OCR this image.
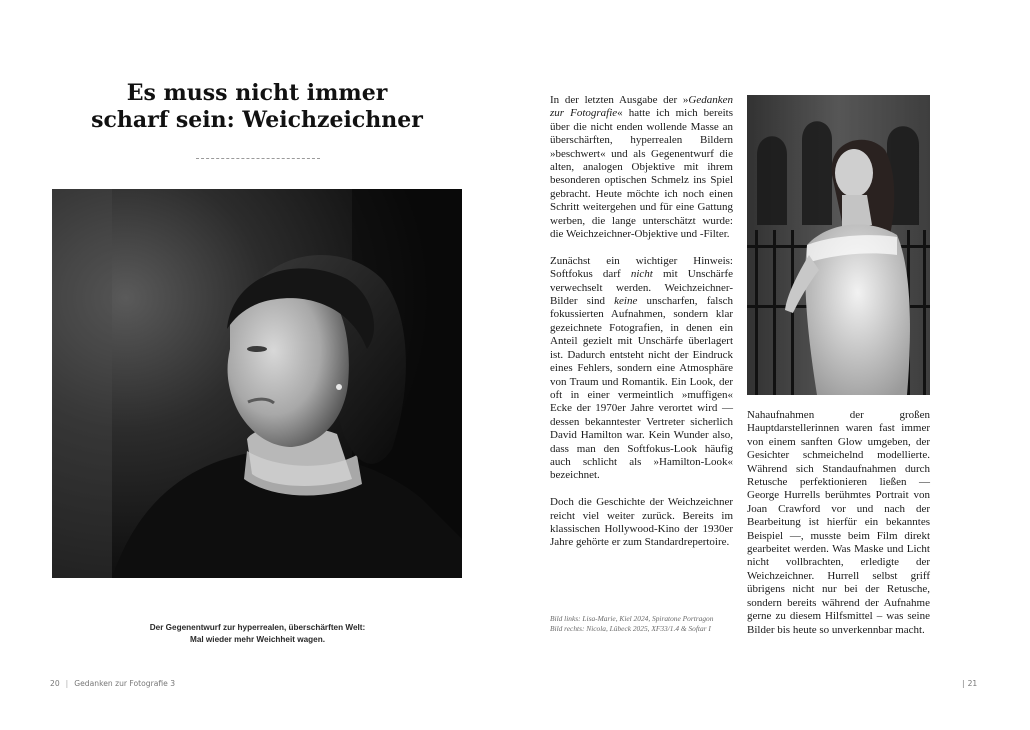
Es muss nicht immer
scharf sein: Weichzeichner

Der Gegenentwurf zur hyperrealen, überschärften Welt:
Mal wieder mehr Weichheit wagen.

20 | Gedanken zur Fotografie 3

In der letzten Ausgabe der »Gedanken zur Fotografie« hatte ich mich bereits über die nicht enden wollende Masse an überschärften, hyperrealen Bildern »beschwert« und als Gegenentwurf die alten, analogen Objektive mit ihrem besonderen optischen Schmelz ins Spiel gebracht. Heute möchte ich noch einen Schritt weitergehen und für eine Gattung werben, die lange unterschätzt wurde: die Weichzeichner-Objektive und -Filter.

Zunächst ein wichtiger Hinweis: Softfokus darf nicht mit Unschärfe verwechselt werden. Weichzeichner-Bilder sind keine unscharfen, falsch fokussierten Aufnahmen, sondern klar gezeichnete Fotografien, in denen ein Anteil gezielt mit Unschärfe überlagert ist. Dadurch entsteht nicht der Eindruck eines Fehlers, sondern eine Atmosphäre von Traum und Romantik. Ein Look, der oft in einer vermeintlich »muffigen« Ecke der 1970er Jahre verortet wird —dessen bekanntester Vertreter sicherlich David Hamilton war. Kein Wunder also, dass man den Softfokus-Look häufig auch schlicht als »Hamilton-Look« bezeichnet.

Doch die Geschichte der Weichzeichner reicht viel weiter zurück. Bereits im klassischen Hollywood-Kino der 1930er Jahre gehörte er zum Standardrepertoire.

Nahaufnahmen der großen Hauptdarstellerinnen waren fast immer von einem sanften Glow umgeben, der Gesichter schmeichelnd modellierte. Während sich Standaufnahmen durch Retusche perfektionieren ließen — George Hurrells berühmtes Portrait von Joan Crawford vor und nach der Bearbeitung ist hierfür ein bekanntes Beispiel —, musste beim Film direkt gearbeitet werden. Was Maske und Licht nicht vollbrachten, erledigte der Weichzeichner. Hurrell selbst griff übrigens nicht nur bei der Retusche, sondern bereits während der Aufnahme gerne zu diesem Hilfsmittel – was seine Bilder bis heute so unverkennbar macht.

Bild links: Lisa-Marie, Kiel 2024, Spiratone Portragon
Bild rechts: Nicola, Lübeck 2025, XF33/1.4 & Softar I

| 21
